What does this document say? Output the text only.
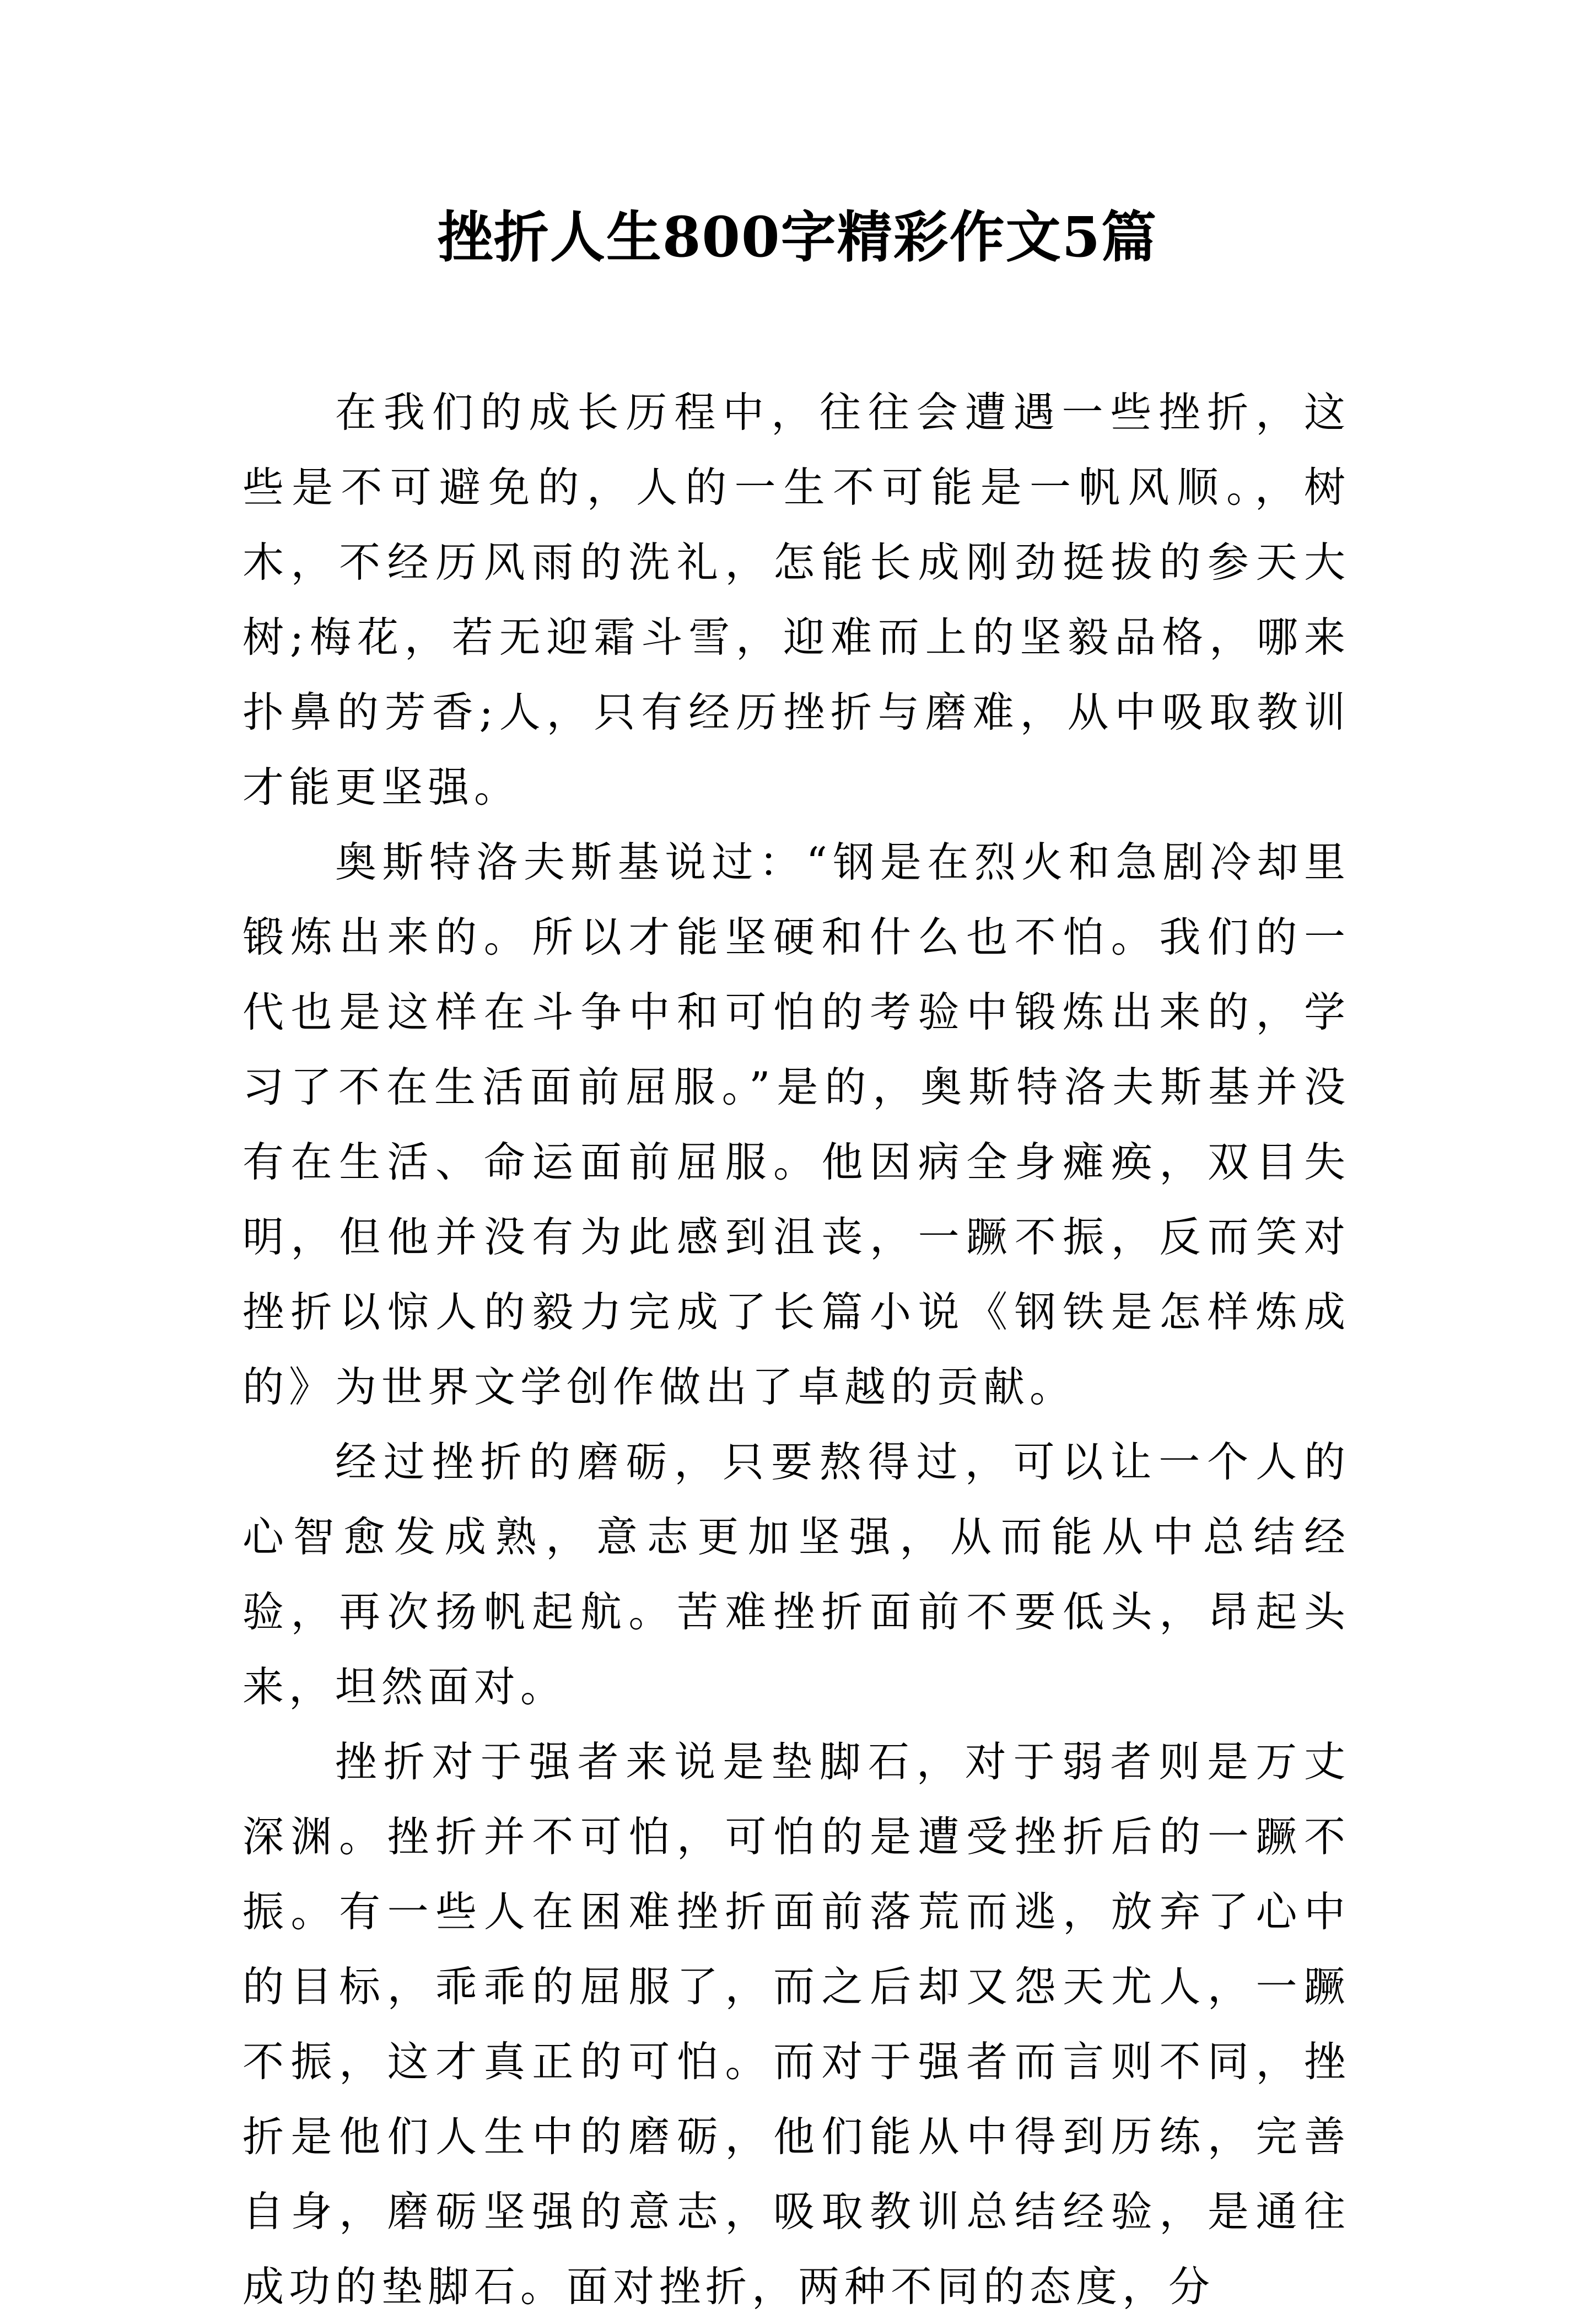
挫折人生800字精彩作文5篇

在我们的成长历程中，往往会遭遇一些挫折，这些是不可避免的，人的一生不可能是一帆风顺。，树木，不经历风雨的洗礼，怎能长成刚劲挺拔的参天大树;梅花，若无迎霜斗雪，迎难而上的坚毅品格，哪来扑鼻的芳香;人，只有经历挫折与磨难，从中吸取教训才能更坚强。

奥斯特洛夫斯基说过：“钢是在烈火和急剧冷却里锻炼出来的。所以才能坚硬和什么也不怕。我们的一代也是这样在斗争中和可怕的考验中锻炼出来的，学习了不在生活面前屈服。”是的，奥斯特洛夫斯基并没有在生活、命运面前屈服。他因病全身瘫痪，双目失明，但他并没有为此感到沮丧，一蹶不振，反而笑对挫折以惊人的毅力完成了长篇小说《钢铁是怎样炼成的》为世界文学创作做出了卓越的贡献。

经过挫折的磨砺，只要熬得过，可以让一个人的心智愈发成熟，意志更加坚强，从而能从中总结经验，再次扬帆起航。苦难挫折面前不要低头，昂起头来，坦然面对。

挫折对于强者来说是垫脚石，对于弱者则是万丈深渊。挫折并不可怕，可怕的是遭受挫折后的一蹶不振。有一些人在困难挫折面前落荒而逃，放弃了心中的目标，乖乖的屈服了，而之后却又怨天尤人，一蹶不振，这才真正的可怕。而对于强者而言则不同，挫折是他们人生中的磨砺，他们能从中得到历练，完善自身，磨砺坚强的意志，吸取教训总结经验，是通往成功的垫脚石。面对挫折，两种不同的态度，分
